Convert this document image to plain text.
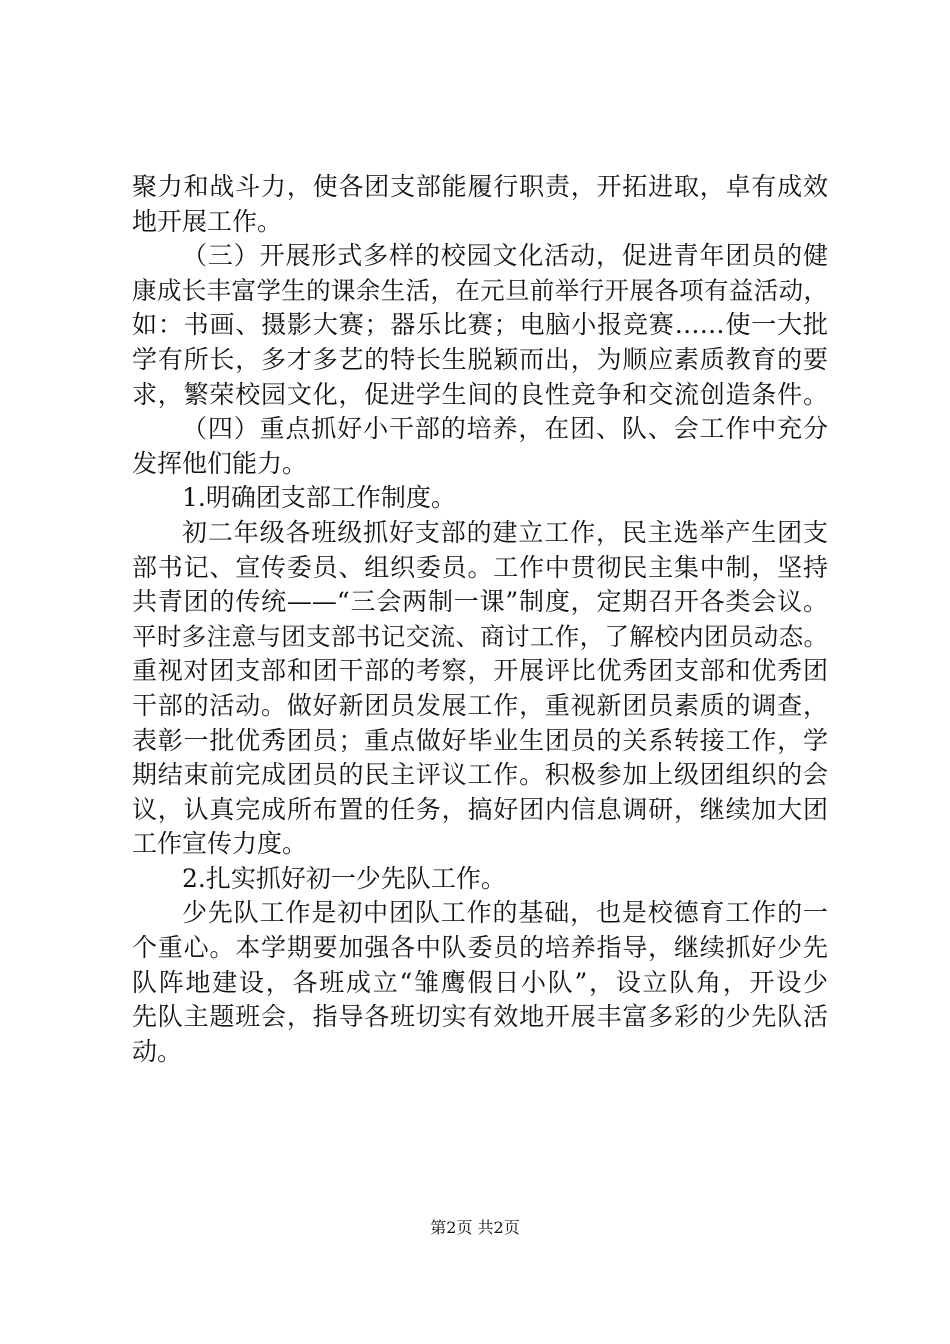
聚力和战斗力，使各团支部能履行职责，开拓进取，卓有成效
地开展工作。
（三）开展形式多样的校园文化活动，促进青年团员的健
康成长丰富学生的课余生活，在元旦前举行开展各项有益活动，
如：书画、摄影大赛；器乐比赛；电脑小报竞赛……使一大批
学有所长，多才多艺的特长生脱颖而出，为顺应素质教育的要
求，繁荣校园文化，促进学生间的良性竞争和交流创造条件。
（四）重点抓好小干部的培养，在团、队、会工作中充分
发挥他们能力。
1.明确团支部工作制度。
初二年级各班级抓好支部的建立工作，民主选举产生团支
部书记、宣传委员、组织委员。工作中贯彻民主集中制，坚持
共青团的传统——“三会两制一课”制度，定期召开各类会议。
平时多注意与团支部书记交流、商讨工作，了解校内团员动态。
重视对团支部和团干部的考察，开展评比优秀团支部和优秀团
干部的活动。做好新团员发展工作，重视新团员素质的调查，
表彰一批优秀团员；重点做好毕业生团员的关系转接工作，学
期结束前完成团员的民主评议工作。积极参加上级团组织的会
议，认真完成所布置的任务，搞好团内信息调研，继续加大团
工作宣传力度。
2.扎实抓好初一少先队工作。
少先队工作是初中团队工作的基础，也是校德育工作的一
个重心。本学期要加强各中队委员的培养指导，继续抓好少先
队阵地建设，各班成立“雏鹰假日小队”，设立队角，开设少
先队主题班会，指导各班切实有效地开展丰富多彩的少先队活
动。
第2页 共2页
